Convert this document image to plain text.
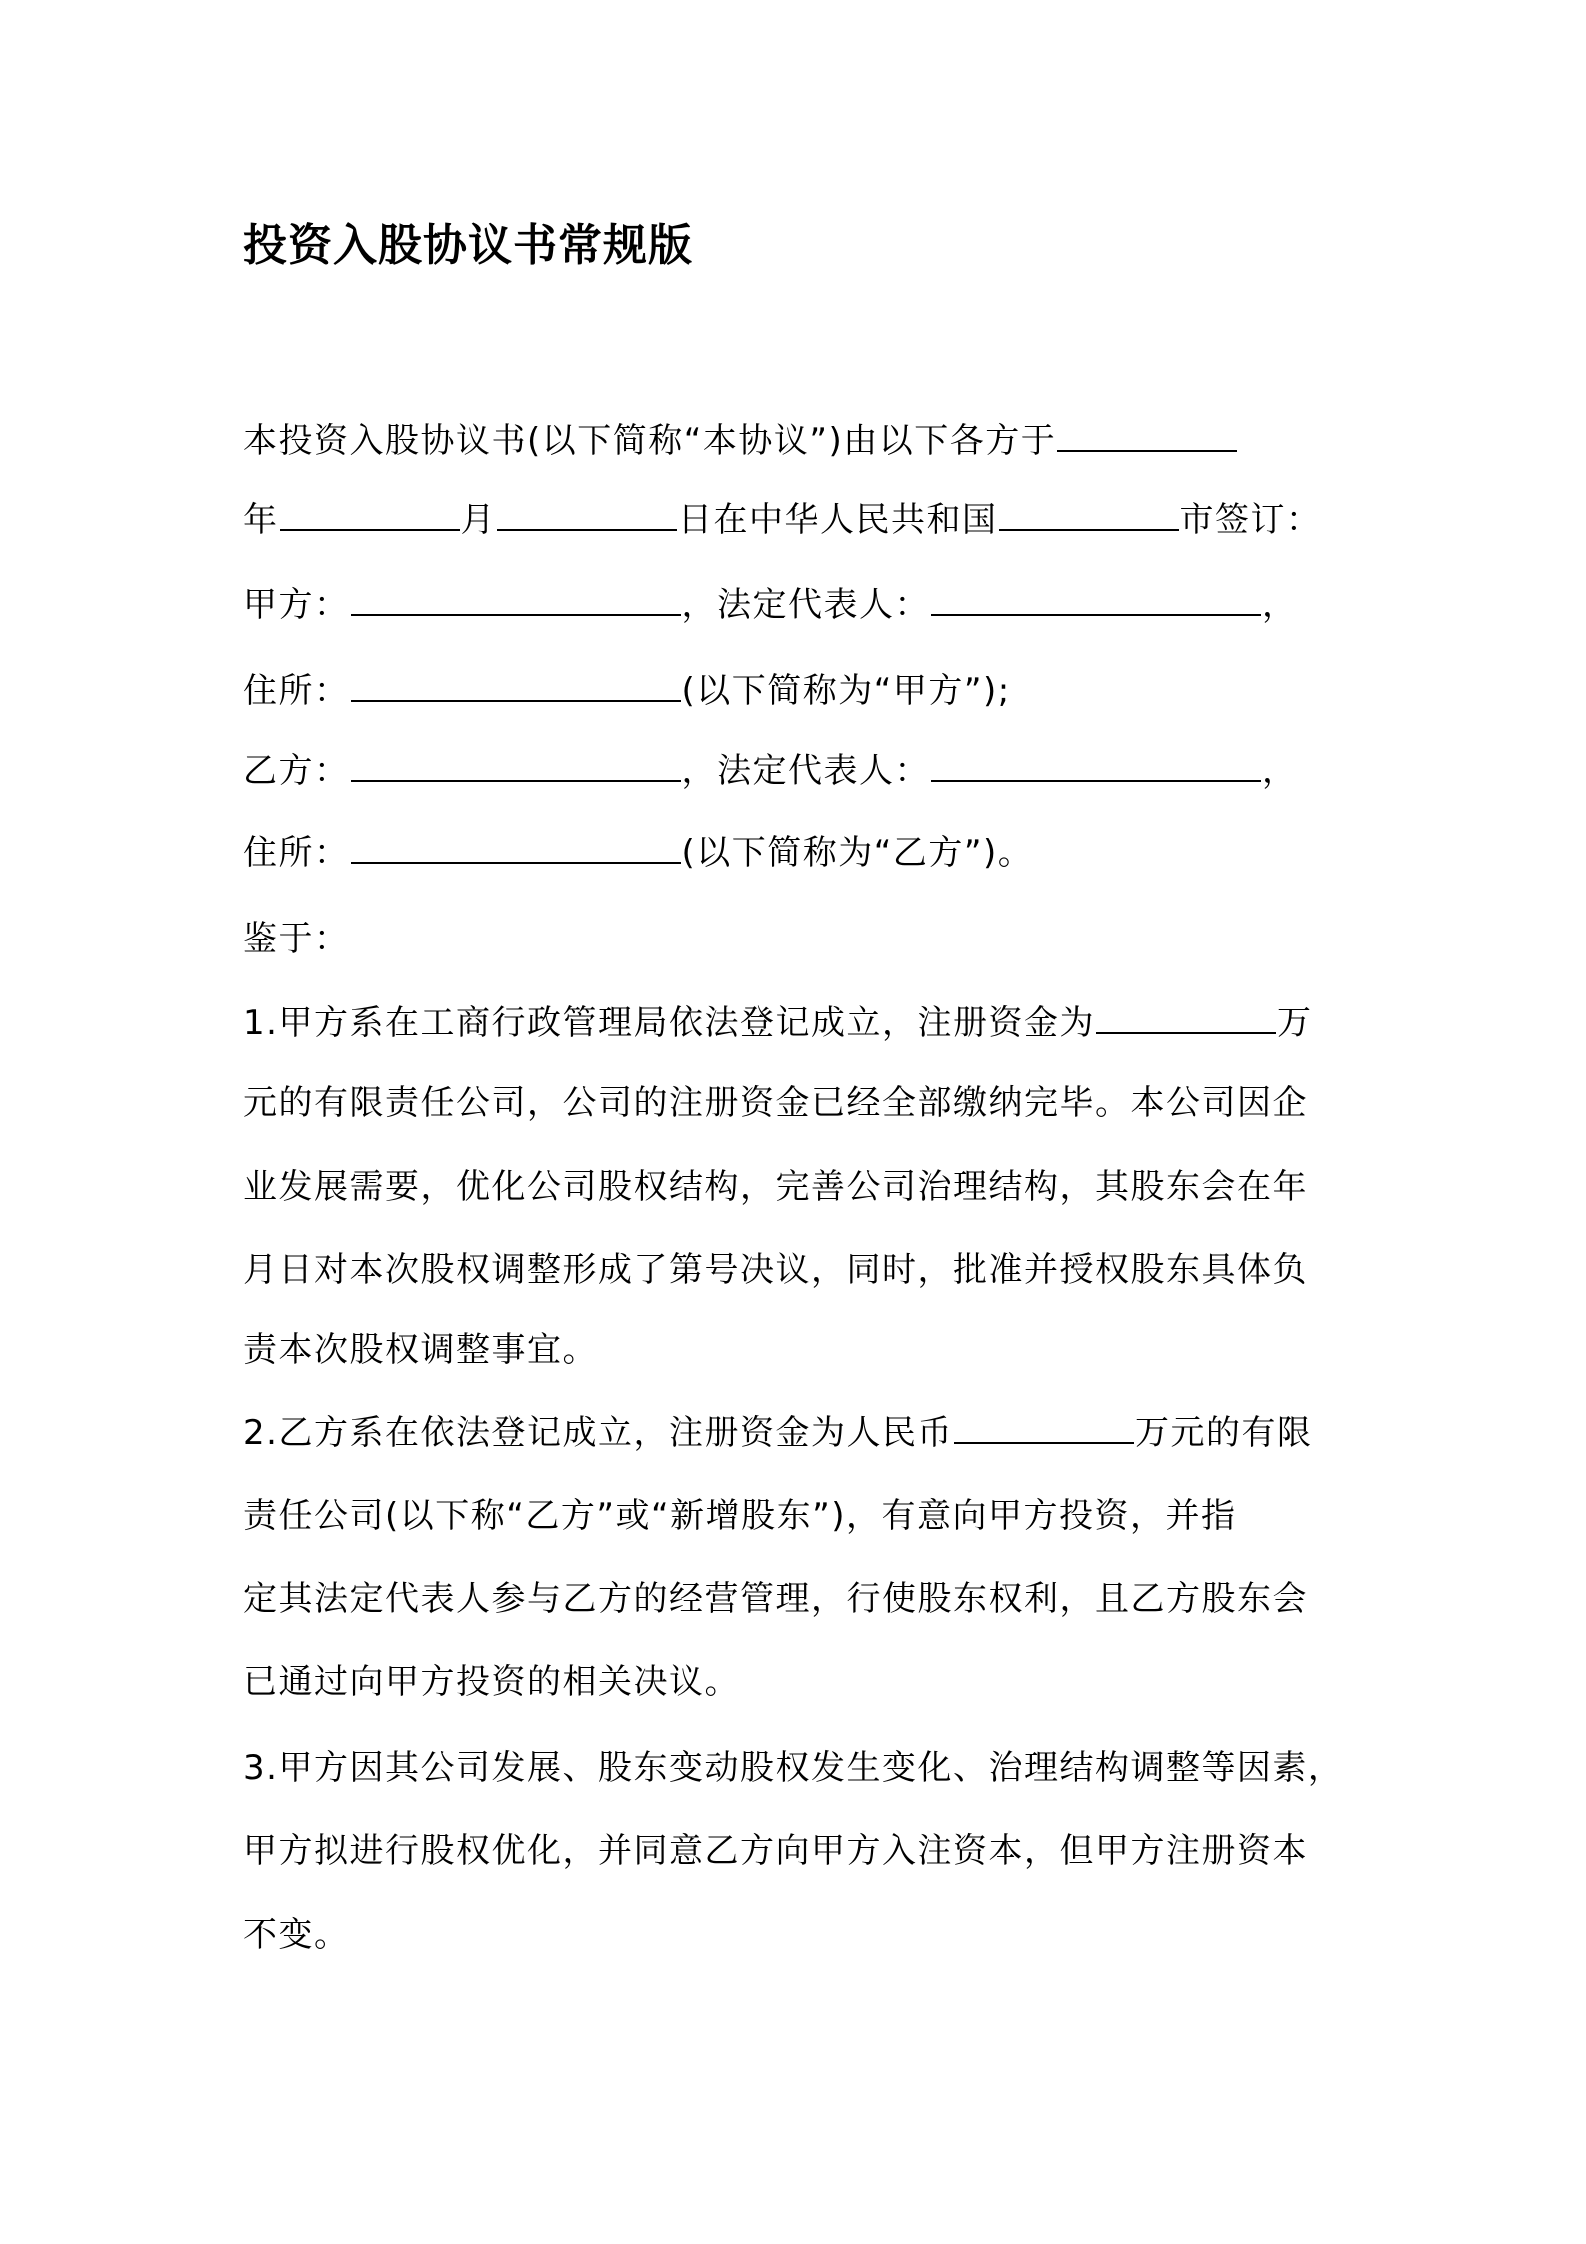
投资入股协议书常规版
本投资入股协议书(以下简称“本协议”)由以下各方于
年	月	日在中华人民共和国	市签订：
甲方：	，法定代表人：	，
住所：	(以下简称为“甲方”);
乙方：	，法定代表人：	，
住所：	(以下简称为“乙方”)。
鉴于：
1.甲方系在工商行政管理局依法登记成立，注册资金为	万
元的有限责任公司，公司的注册资金已经全部缴纳完毕。本公司因企
业发展需要，优化公司股权结构，完善公司治理结构，其股东会在年
月日对本次股权调整形成了第号决议，同时，批准并授权股东具体负
责本次股权调整事宜。
2.乙方系在依法登记成立，注册资金为人民币	万元的有限
责任公司(以下称“乙方”或“新增股东”)，有意向甲方投资，并指
定其法定代表人参与乙方的经营管理，行使股东权利，且乙方股东会
已通过向甲方投资的相关决议。
3.甲方因其公司发展、股东变动股权发生变化、治理结构调整等因素，
甲方拟进行股权优化，并同意乙方向甲方入注资本，但甲方注册资本
不变。
